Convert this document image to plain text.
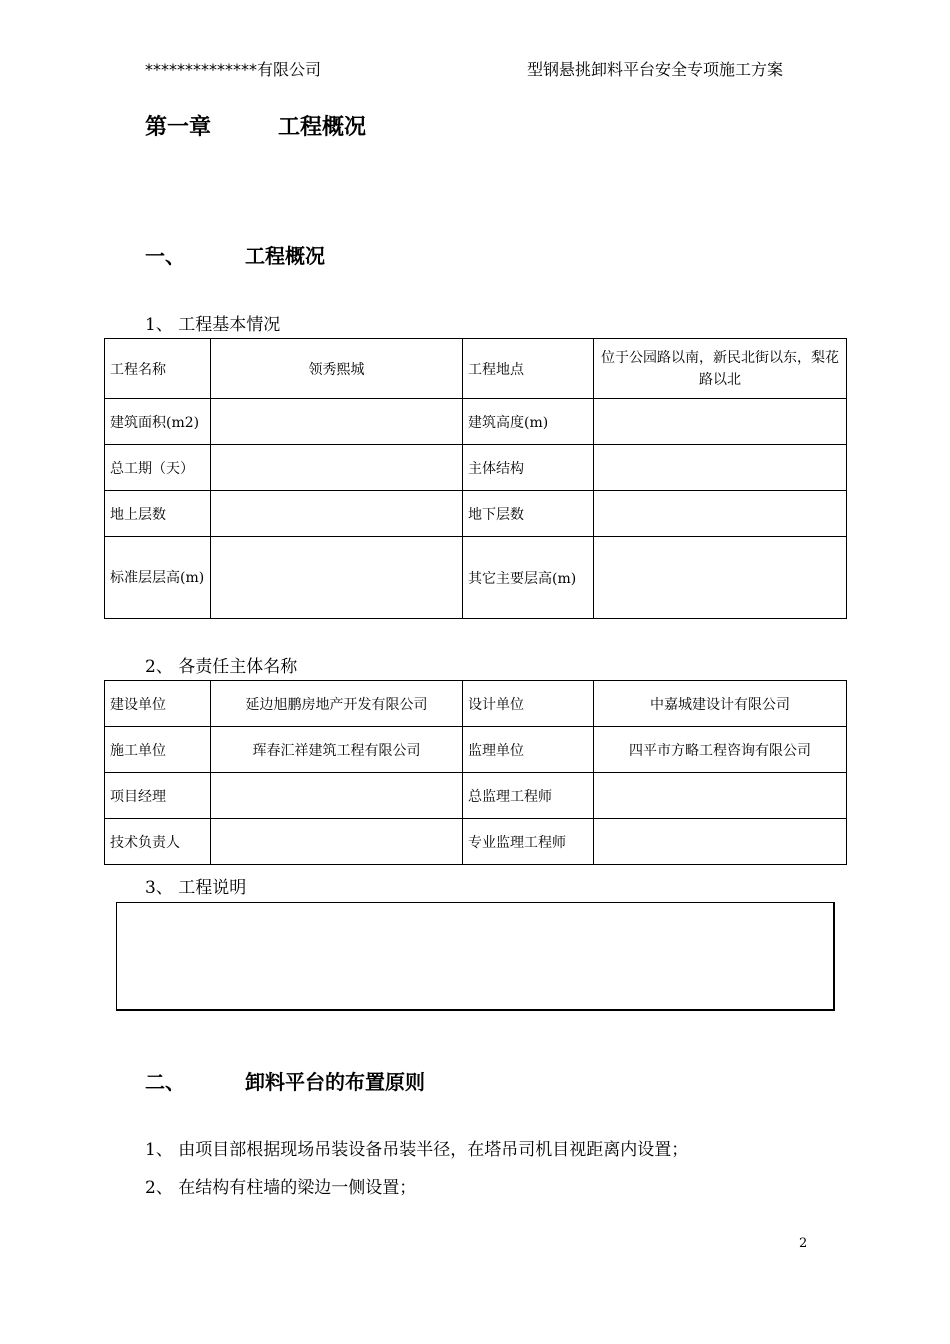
**************有限公司	型钢悬挑卸料平台安全专项施工方案
第一章	工程概况
一、	工程概况
1、 工程基本情况
工程名称	领秀熙城	工程地点	位于公园路以南，新民北街以东，梨花路以北
建筑面积(m2)		建筑高度(m)	
总工期（天）		主体结构	
地上层数		地下层数	
标准层层高(m)		其它主要层高(m)	
2、 各责任主体名称
建设单位	延边旭鹏房地产开发有限公司	设计单位	中嘉城建设计有限公司
施工单位	珲春汇祥建筑工程有限公司	监理单位	四平市方略工程咨询有限公司
项目经理		总监理工程师	
技术负责人		专业监理工程师	
3、 工程说明
二、	卸料平台的布置原则
1、 由项目部根据现场吊装设备吊装半径，在塔吊司机目视距离内设置；
2、 在结构有柱墙的梁边一侧设置；
2
